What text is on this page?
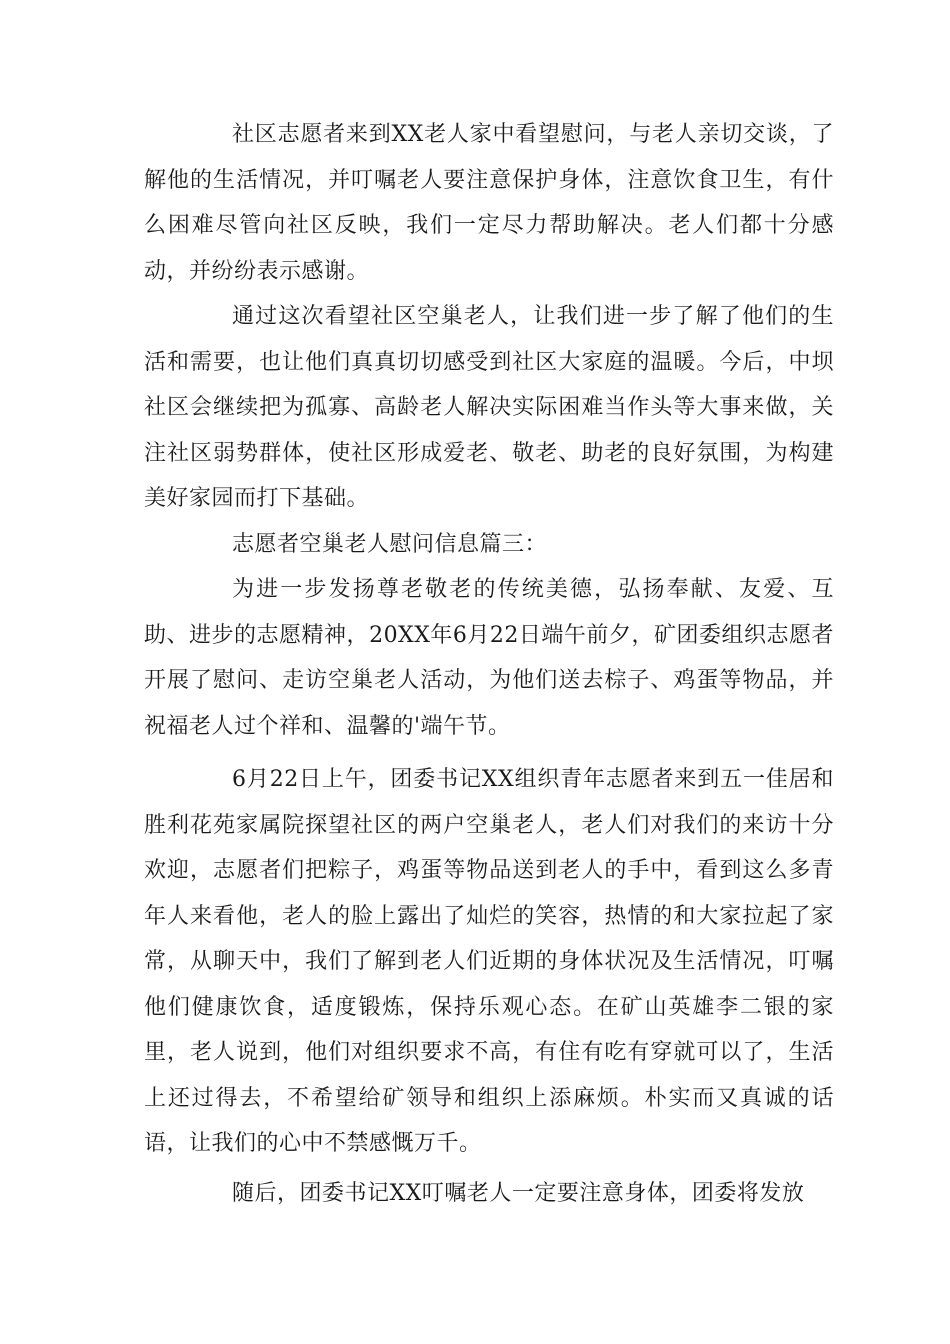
社区志愿者来到XX老人家中看望慰问，与老人亲切交谈，了解他的生活情况，并叮嘱老人要注意保护身体，注意饮食卫生，有什么困难尽管向社区反映，我们一定尽力帮助解决。老人们都十分感动，并纷纷表示感谢。

通过这次看望社区空巢老人，让我们进一步了解了他们的生活和需要，也让他们真真切切感受到社区大家庭的温暖。今后，中坝社区会继续把为孤寡、高龄老人解决实际困难当作头等大事来做，关注社区弱势群体，使社区形成爱老、敬老、助老的良好氛围，为构建美好家园而打下基础。

志愿者空巢老人慰问信息篇三：

为进一步发扬尊老敬老的传统美德，弘扬奉献、友爱、互助、进步的志愿精神，20XX年6月22日端午前夕，矿团委组织志愿者开展了慰问、走访空巢老人活动，为他们送去棕子、鸡蛋等物品，并祝福老人过个祥和、温馨的'端午节。

6月22日上午，团委书记XX组织青年志愿者来到五一佳居和胜利花苑家属院探望社区的两户空巢老人，老人们对我们的来访十分欢迎，志愿者们把粽子，鸡蛋等物品送到老人的手中，看到这么多青年人来看他，老人的脸上露出了灿烂的笑容，热情的和大家拉起了家常，从聊天中，我们了解到老人们近期的身体状况及生活情况，叮嘱他们健康饮食，适度锻炼，保持乐观心态。在矿山英雄李二银的家里，老人说到，他们对组织要求不高，有住有吃有穿就可以了，生活上还过得去，不希望给矿领导和组织上添麻烦。朴实而又真诚的话语，让我们的心中不禁感慨万千。

随后，团委书记XX叮嘱老人一定要注意身体，团委将发放
